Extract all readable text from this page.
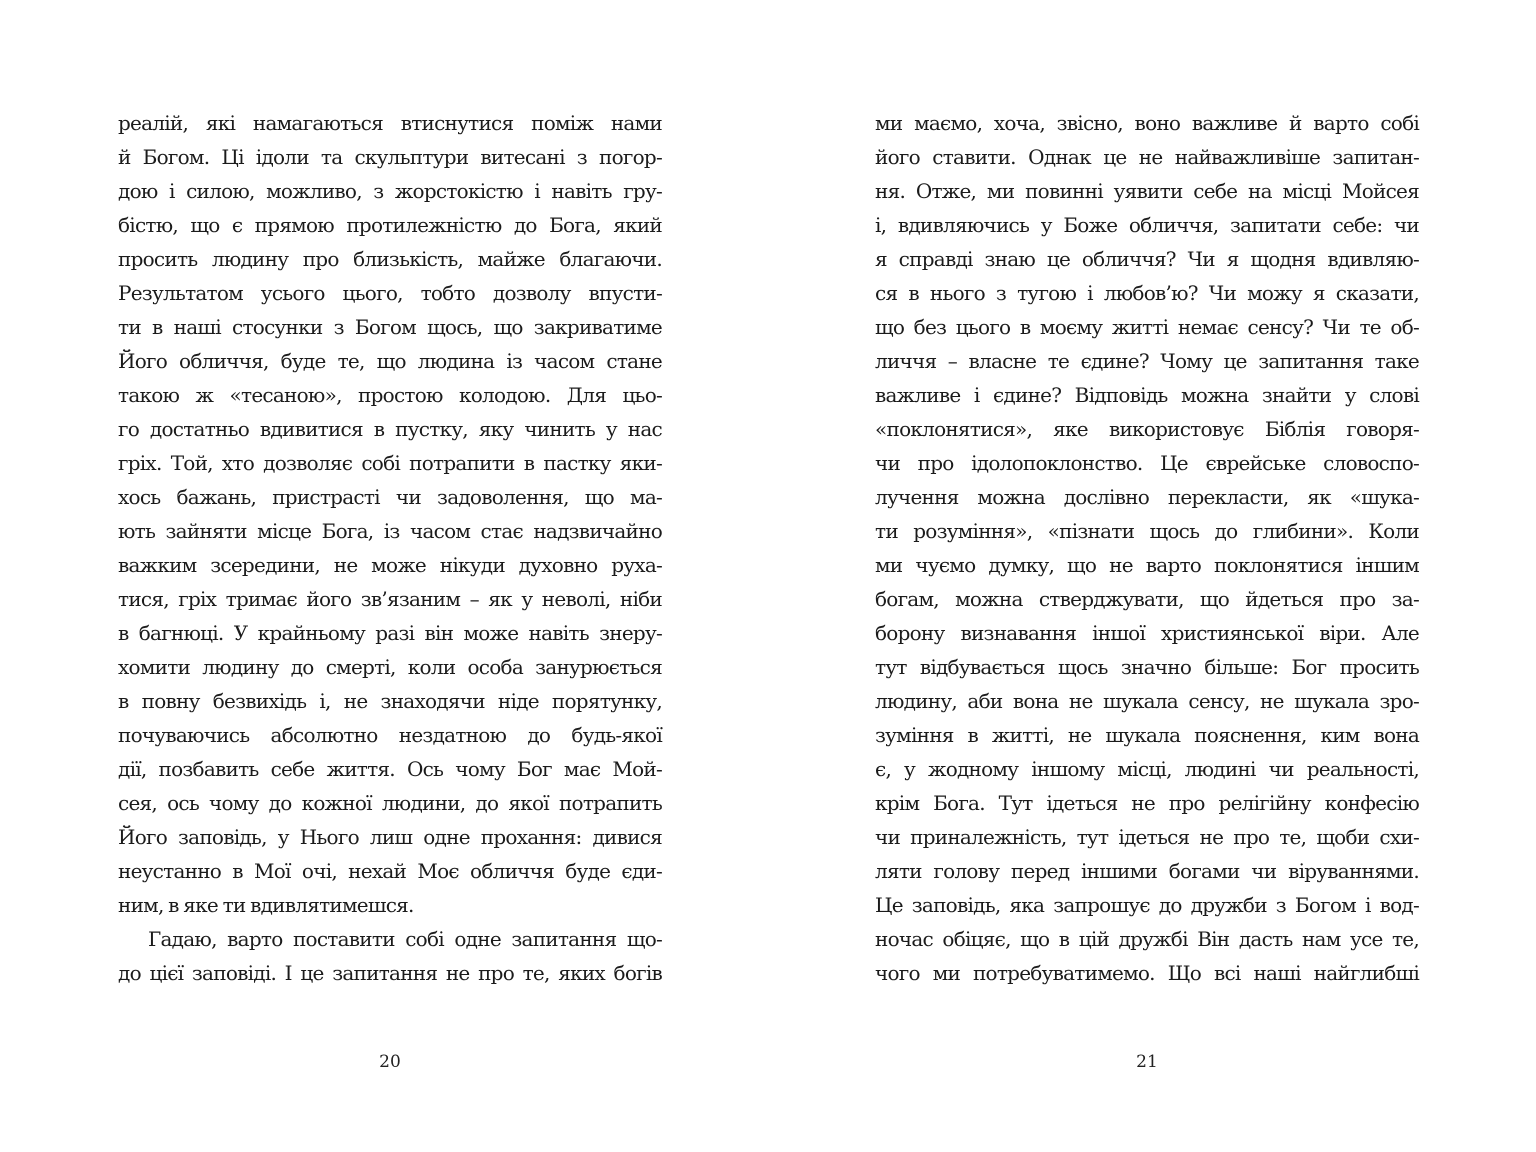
реалій, які намагаються втиснутися поміж нами
й Богом. Ці ідоли та скульптури витесані з погор-
дою і силою, можливо, з жорстокістю і навіть гру-
бістю, що є прямою протилежністю до Бога, який
просить людину про близькість, майже благаючи.
Результатом усього цього, тобто дозволу впусти-
ти в наші стосунки з Богом щось, що закриватиме
Його обличчя, буде те, що людина із часом стане
такою ж «тесаною», простою колодою. Для цьо-
го достатньо вдивитися в пустку, яку чинить у нас
гріх. Той, хто дозволяє собі потрапити в пастку яки-
хось бажань, пристрасті чи задоволення, що ма-
ють зайняти місце Бога, із часом стає надзвичайно
важким зсередини, не може нікуди духовно руха-
тися, гріх тримає його зв’язаним – як у неволі, ніби
в багнюці. У крайньому разі він може навіть знеру-
хомити людину до смерті, коли особа занурюється
в повну безвихідь і, не знаходячи ніде порятунку,
почуваючись абсолютно нездатною до будь-якої
дії, позбавить себе життя. Ось чому Бог має Мой-
сея, ось чому до кожної людини, до якої потрапить
Його заповідь, у Нього лиш одне прохання: дивися
неустанно в Мої очі, нехай Моє обличчя буде єди-
ним, в яке ти вдивлятимешся.
Гадаю, варто поставити собі одне запитання що-
до цієї заповіді. І це запитання не про те, яких богів
20
ми маємо, хоча, звісно, воно важливе й варто собі
його ставити. Однак це не найважливіше запитан-
ня. Отже, ми повинні уявити себе на місці Мойсея
і, вдивляючись у Боже обличчя, запитати себе: чи
я справді знаю це обличчя? Чи я щодня вдивляю-
ся в нього з тугою і любов’ю? Чи можу я сказати,
що без цього в моєму житті немає сенсу? Чи те об-
личчя – власне те єдине? Чому це запитання таке
важливе і єдине? Відповідь можна знайти у слові
«поклонятися», яке використовує Біблія говоря-
чи про ідолопоклонство. Це єврейське словоспо-
лучення можна дослівно перекласти, як «шука-
ти розуміння», «пізнати щось до глибини». Коли
ми чуємо думку, що не варто поклонятися іншим
богам, можна стверджувати, що йдеться про за-
борону визнавання іншої християнської віри. Але
тут відбувається щось значно більше: Бог просить
людину, аби вона не шукала сенсу, не шукала зро-
зуміння в житті, не шукала пояснення, ким вона
є, у жодному іншому місці, людині чи реальності,
крім Бога. Тут ідеться не про релігійну конфесію
чи приналежність, тут ідеться не про те, щоби схи-
ляти голову перед іншими богами чи віруваннями.
Це заповідь, яка запрошує до дружби з Богом і вод-
ночас обіцяє, що в цій дружбі Він дасть нам усе те,
чого ми потребуватимемо. Що всі наші найглибші
21
